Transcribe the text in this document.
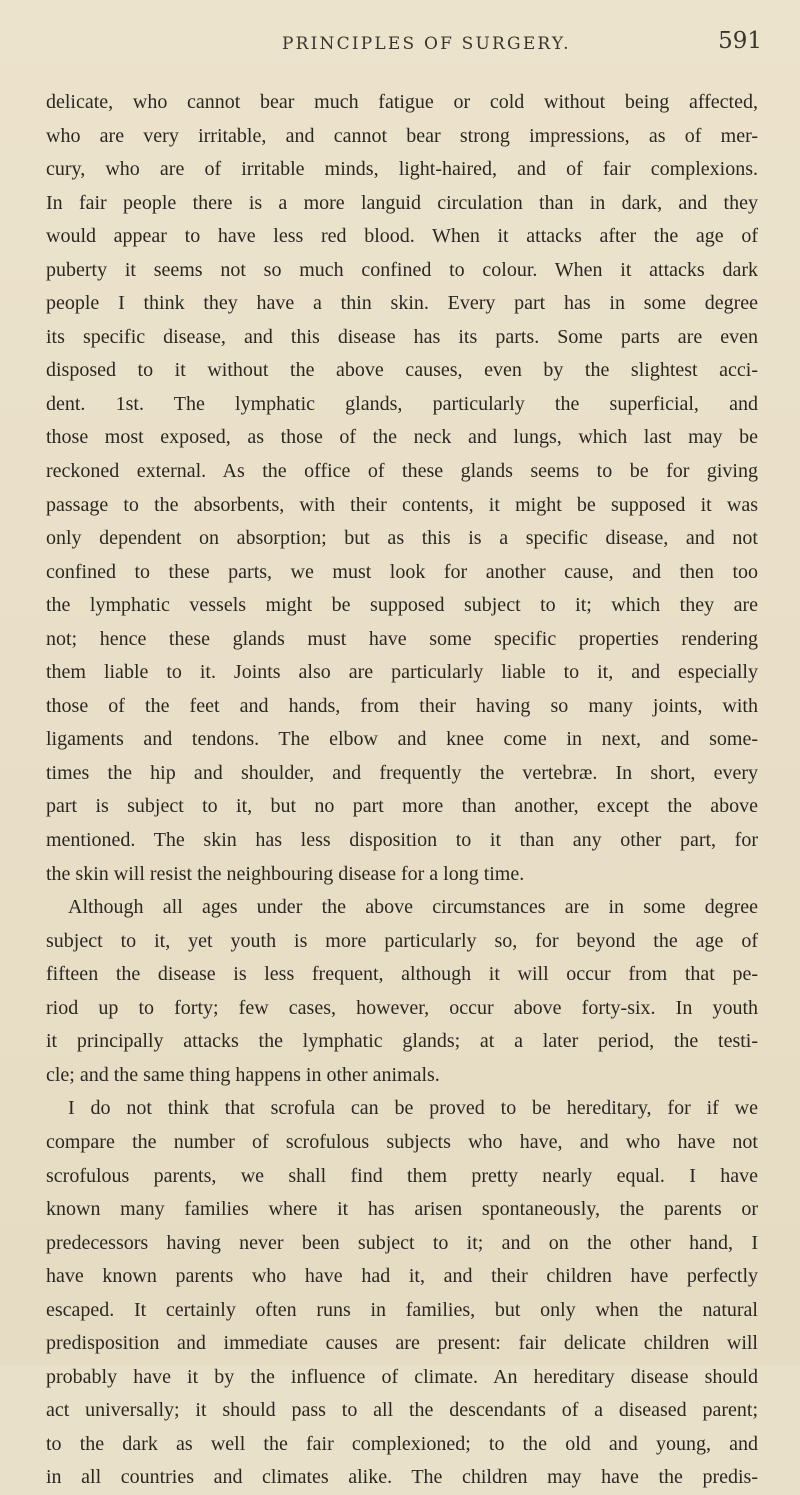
PRINCIPLES OF SURGERY.	591
delicate, who cannot bear much fatigue or cold without being affected,
who are very irritable, and cannot bear strong impressions, as of mer-
cury, who are of irritable minds, light-haired, and of fair complexions.
In fair people there is a more languid circulation than in dark, and they
would appear to have less red blood. When it attacks after the age of
puberty it seems not so much confined to colour. When it attacks dark
people I think they have a thin skin. Every part has in some degree
its specific disease, and this disease has its parts. Some parts are even
disposed to it without the above causes, even by the slightest acci-
dent. 1st. The lymphatic glands, particularly the superficial, and
those most exposed, as those of the neck and lungs, which last may be
reckoned external. As the office of these glands seems to be for giving
passage to the absorbents, with their contents, it might be supposed it was
only dependent on absorption; but as this is a specific disease, and not
confined to these parts, we must look for another cause, and then too
the lymphatic vessels might be supposed subject to it; which they are
not; hence these glands must have some specific properties rendering
them liable to it. Joints also are particularly liable to it, and especially
those of the feet and hands, from their having so many joints, with
ligaments and tendons. The elbow and knee come in next, and some-
times the hip and shoulder, and frequently the vertebræ. In short, every
part is subject to it, but no part more than another, except the above
mentioned. The skin has less disposition to it than any other part, for
the skin will resist the neighbouring disease for a long time.
Although all ages under the above circumstances are in some degree
subject to it, yet youth is more particularly so, for beyond the age of
fifteen the disease is less frequent, although it will occur from that pe-
riod up to forty; few cases, however, occur above forty-six. In youth
it principally attacks the lymphatic glands; at a later period, the testi-
cle; and the same thing happens in other animals.
I do not think that scrofula can be proved to be hereditary, for if we
compare the number of scrofulous subjects who have, and who have not
scrofulous parents, we shall find them pretty nearly equal. I have
known many families where it has arisen spontaneously, the parents or
predecessors having never been subject to it; and on the other hand, I
have known parents who have had it, and their children have perfectly
escaped. It certainly often runs in families, but only when the natural
predisposition and immediate causes are present: fair delicate children will
probably have it by the influence of climate. An hereditary disease should
act universally; it should pass to all the descendants of a diseased parent;
to the dark as well the fair complexioned; to the old and young, and
in all countries and climates alike. The children may have the predis-
